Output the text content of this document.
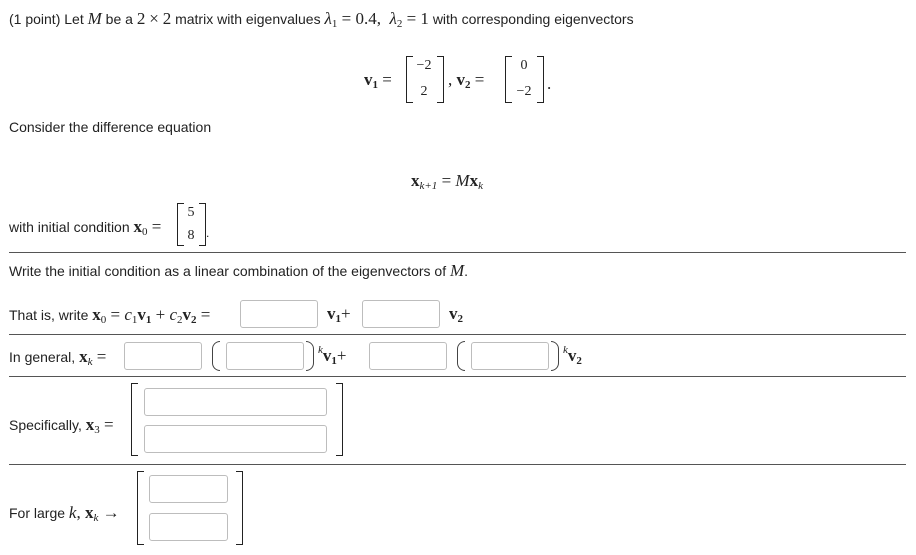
(1 point) Let M be a 2 × 2 matrix with eigenvalues λ1 = 0.4, λ2 = 1 with corresponding eigenvectors
v1 =
−2
2
, v2 =
0
−2 .
Consider the difference equation
xk+1 = Mxk
with initial condition x0 =
5
8 .
Write the initial condition as a linear combination of the eigenvectors of M.
That is, write x0 = c1v1 + c2v2 =	v1+	v2
In general, xk =	$^k$v1+	$^k$v2
Specifically, x3 =
For large k, xk →
